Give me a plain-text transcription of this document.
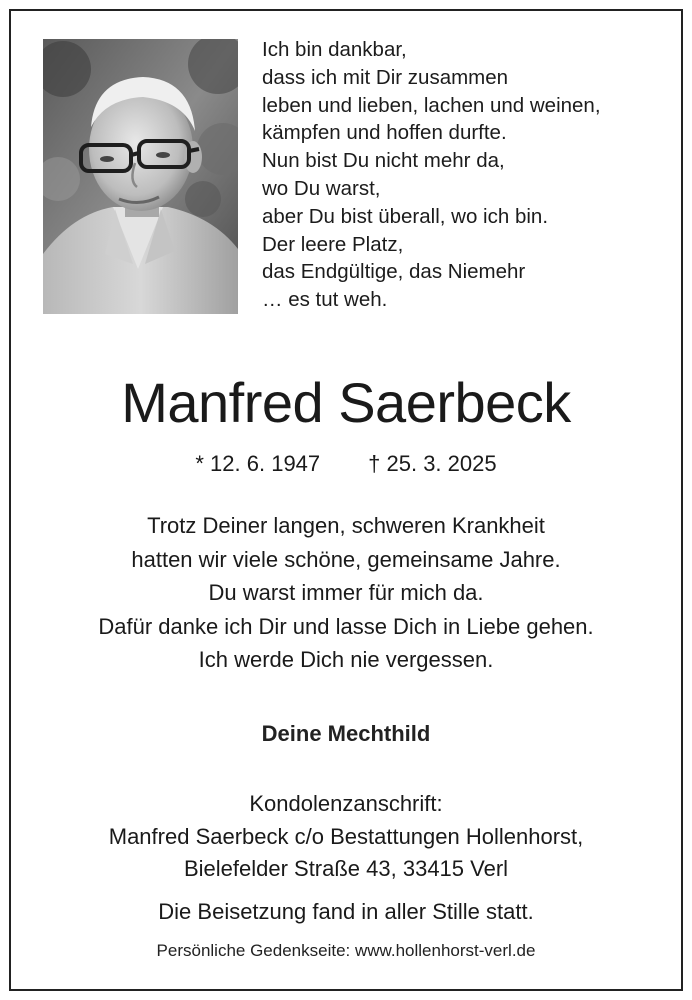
Ich bin dankbar,
dass ich mit Dir zusammen
leben und lieben, lachen und weinen,
kämpfen und hoffen durfte.
Nun bist Du nicht mehr da,
wo Du warst,
aber Du bist überall, wo ich bin.
Der leere Platz,
das Endgültige, das Niemehr
… es tut weh.
Manfred Saerbeck
* 12. 6. 1947 † 25. 3. 2025
Trotz Deiner langen, schweren Krankheit
hatten wir viele schöne, gemeinsame Jahre.
Du warst immer für mich da.
Dafür danke ich Dir und lasse Dich in Liebe gehen.
Ich werde Dich nie vergessen.
Deine Mechthild
Kondolenzanschrift:
Manfred Saerbeck c/o Bestattungen Hollenhorst,
Bielefelder Straße 43, 33415 Verl
Die Beisetzung fand in aller Stille statt.
Persönliche Gedenkseite: www.hollenhorst-verl.de
